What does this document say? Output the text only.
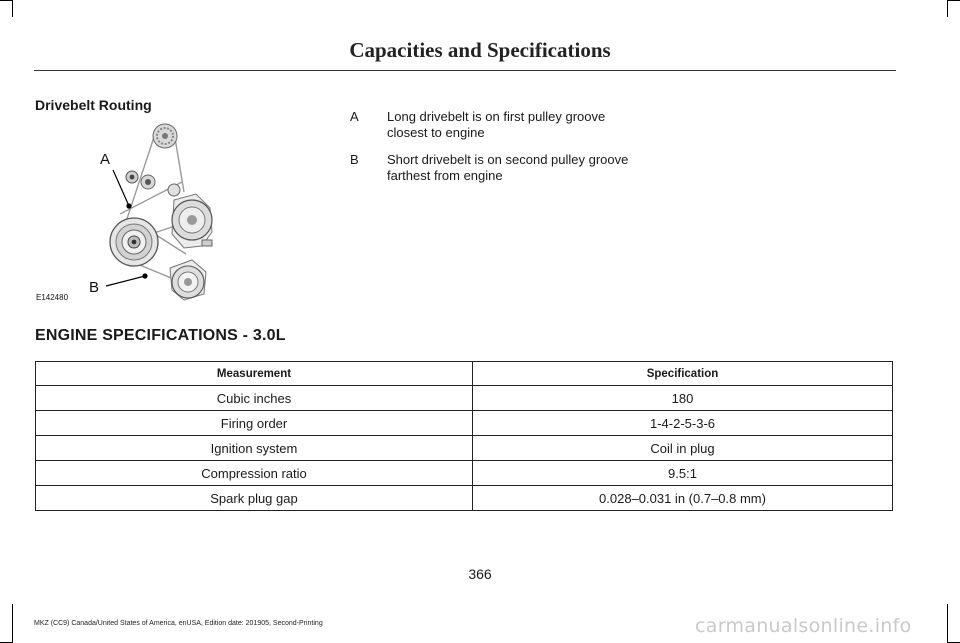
Capacities and Specifications
Drivebelt Routing
A
B
E142480
A	Long drivebelt is on first pulley groove closest to engine
B	Short drivebelt is on second pulley groove farthest from engine
ENGINE SPECIFICATIONS - 3.0L
Measurement	Specification
Cubic inches	180
Firing order	1-4-2-5-3-6
Ignition system	Coil in plug
Compression ratio	9.5:1
Spark plug gap	0.028–0.031 in (0.7–0.8 mm)
366
MKZ (CC9) Canada/United States of America, enUSA, Edition date: 201905, Second-Printing	carmanualsonline.info
